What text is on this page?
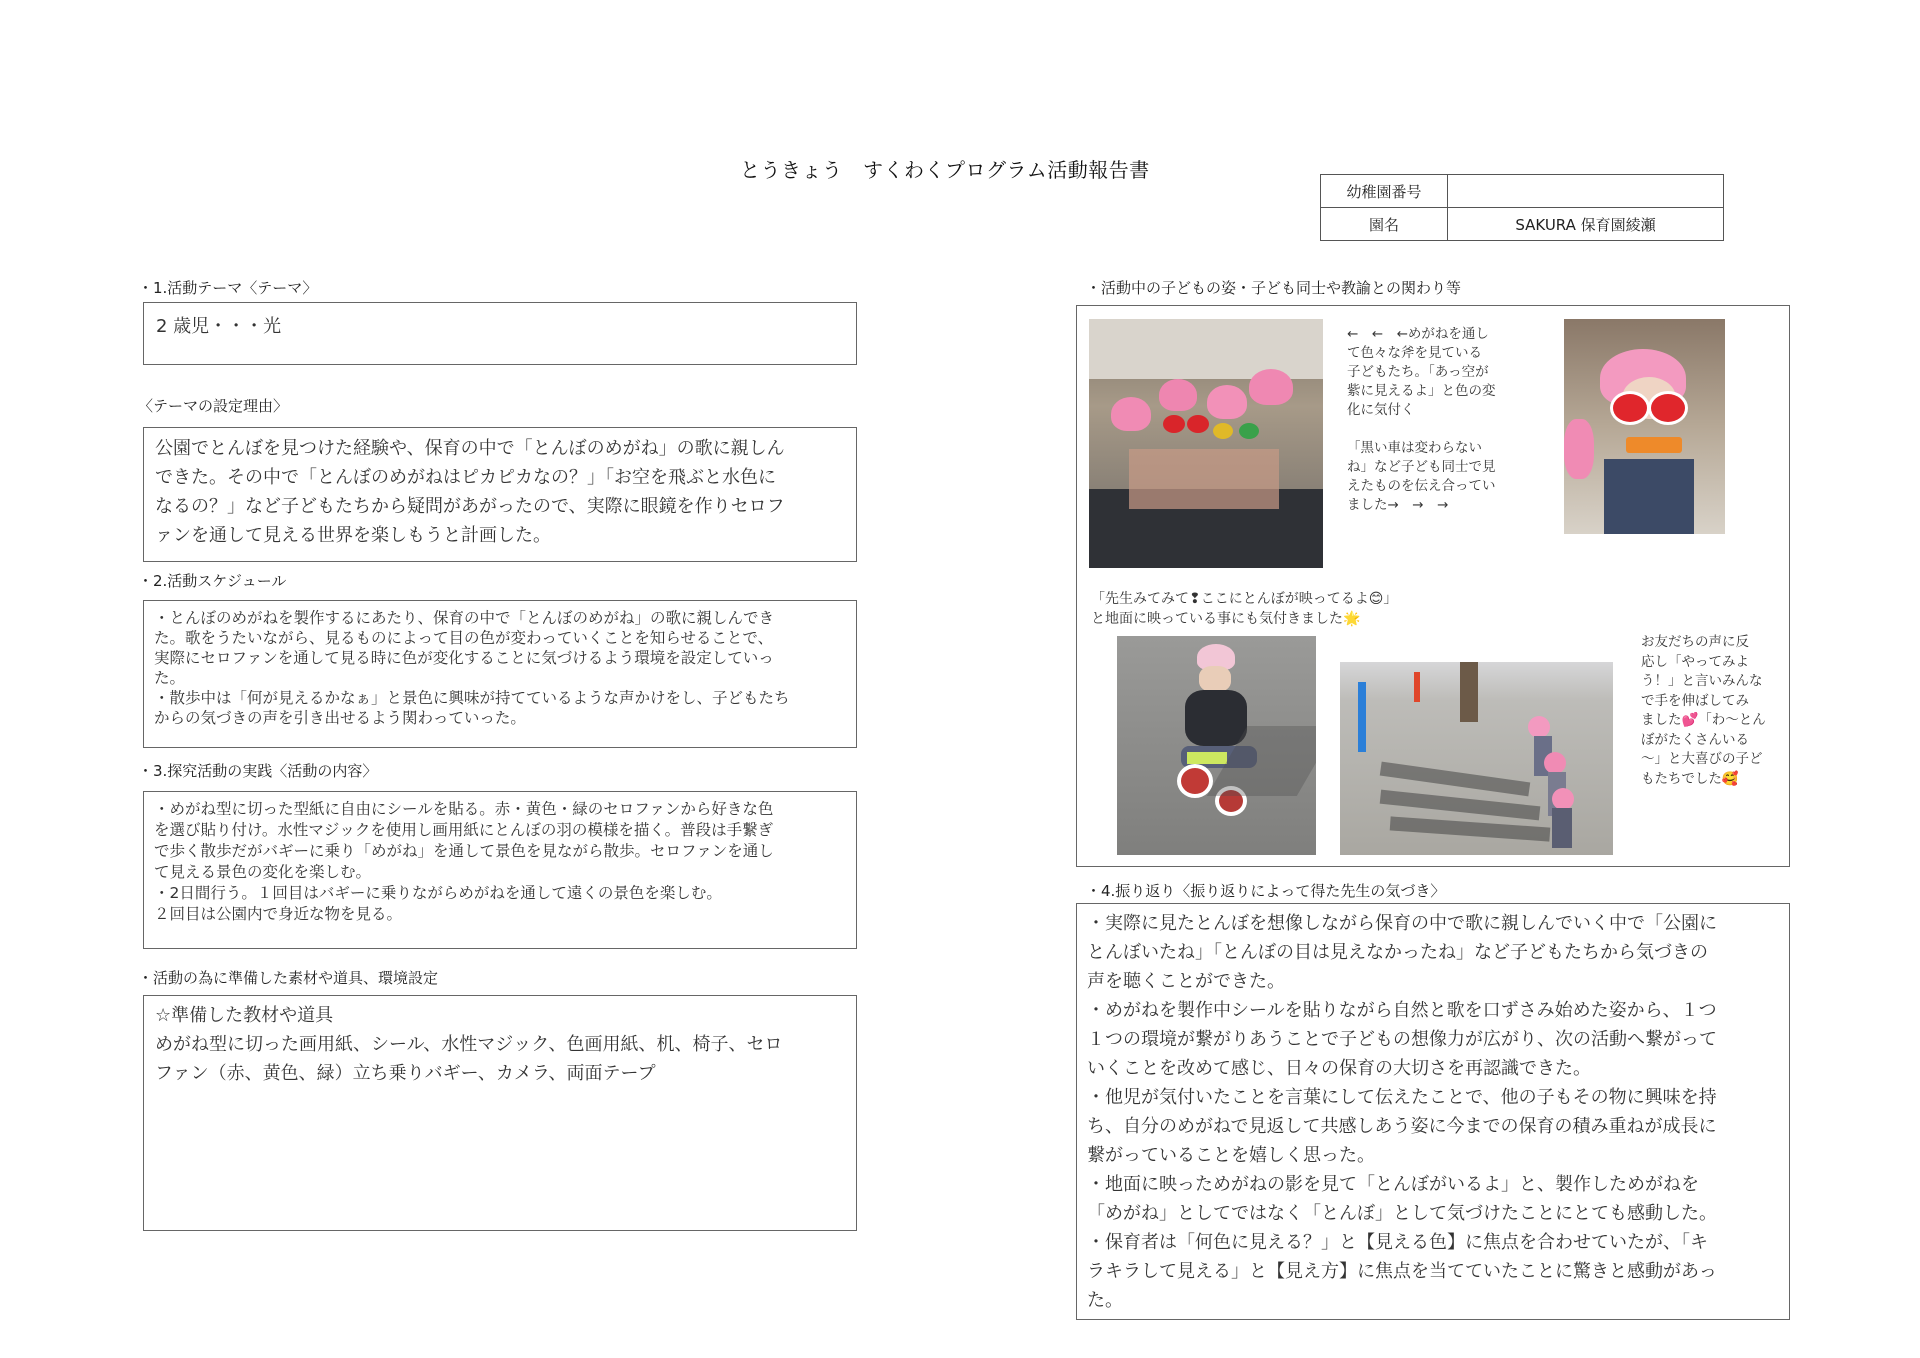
とうきょう　すくわくプログラム活動報告書
幼稚園番号	
園名	SAKURA 保育園綾瀬
・1.活動テーマ〈テーマ〉
2 歳児・・・光
〈テーマの設定理由〉
公園でとんぼを見つけた経験や、保育の中で「とんぼのめがね」の歌に親しん
できた。その中で「とんぼのめがねはピカピカなの？」「お空を飛ぶと水色に
なるの？」など子どもたちから疑問があがったので、実際に眼鏡を作りセロフ
ァンを通して見える世界を楽しもうと計画した。
・2.活動スケジュール
・とんぼのめがねを製作するにあたり、保育の中で「とんぼのめがね」の歌に親しんでき
た。歌をうたいながら、見るものによって目の色が変わっていくことを知らせることで、
実際にセロファンを通して見る時に色が変化することに気づけるよう環境を設定していっ
た。
・散歩中は「何が見えるかなぁ」と景色に興味が持てているような声かけをし、子どもたち
からの気づきの声を引き出せるよう関わっていった。
・3.探究活動の実践〈活動の内容〉
・めがね型に切った型紙に自由にシールを貼る。赤・黄色・緑のセロファンから好きな色
を選び貼り付け。水性マジックを使用し画用紙にとんぼの羽の模様を描く。普段は手繋ぎ
で歩く散歩だがバギーに乗り「めがね」を通して景色を見ながら散歩。セロファンを通し
て見える景色の変化を楽しむ。
・2日間行う。１回目はバギーに乗りながらめがねを通して遠くの景色を楽しむ。
２回目は公園内で身近な物を見る。
・活動の為に準備した素材や道具、環境設定
☆準備した教材や道具
めがね型に切った画用紙、シール、水性マジック、色画用紙、机、椅子、セロ
ファン（赤、黄色、緑）立ち乗りバギー、カメラ、両面テープ
・活動中の子どもの姿・子ども同士や教諭との関わり等
←　←　←めがねを通し
て色々な斧を見ている
子どもたち。「あっ空が
紫に見えるよ」と色の変
化に気付く

「黒い車は変わらない
ね」など子ども同士で見
えたものを伝え合ってい
ました→　→　→
「先生みてみて❢ここにとんぼが映ってるよ😊」
と地面に映っている事にも気付きました🌟
お友だちの声に反
応し「やってみよ
う！」と言いみんな
で手を伸ばしてみ
ました💕「わ～とん
ぼがたくさんいる
～」と大喜びの子ど
もたちでした🥰
・4.振り返り〈振り返りによって得た先生の気づき〉
・実際に見たとんぼを想像しながら保育の中で歌に親しんでいく中で「公園に
とんぼいたね」「とんぼの目は見えなかったね」など子どもたちから気づきの
声を聴くことができた。
・めがねを製作中シールを貼りながら自然と歌を口ずさみ始めた姿から、１つ
１つの環境が繋がりあうことで子どもの想像力が広がり、次の活動へ繋がって
いくことを改めて感じ、日々の保育の大切さを再認識できた。
・他児が気付いたことを言葉にして伝えたことで、他の子もその物に興味を持
ち、自分のめがねで見返して共感しあう姿に今までの保育の積み重ねが成長に
繋がっていることを嬉しく思った。
・地面に映っためがねの影を見て「とんぼがいるよ」と、製作しためがねを
「めがね」としてではなく「とんぼ」として気づけたことにとても感動した。
・保育者は「何色に見える？」と【見える色】に焦点を合わせていたが、「キ
ラキラして見える」と【見え方】に焦点を当てていたことに驚きと感動があっ
た。
